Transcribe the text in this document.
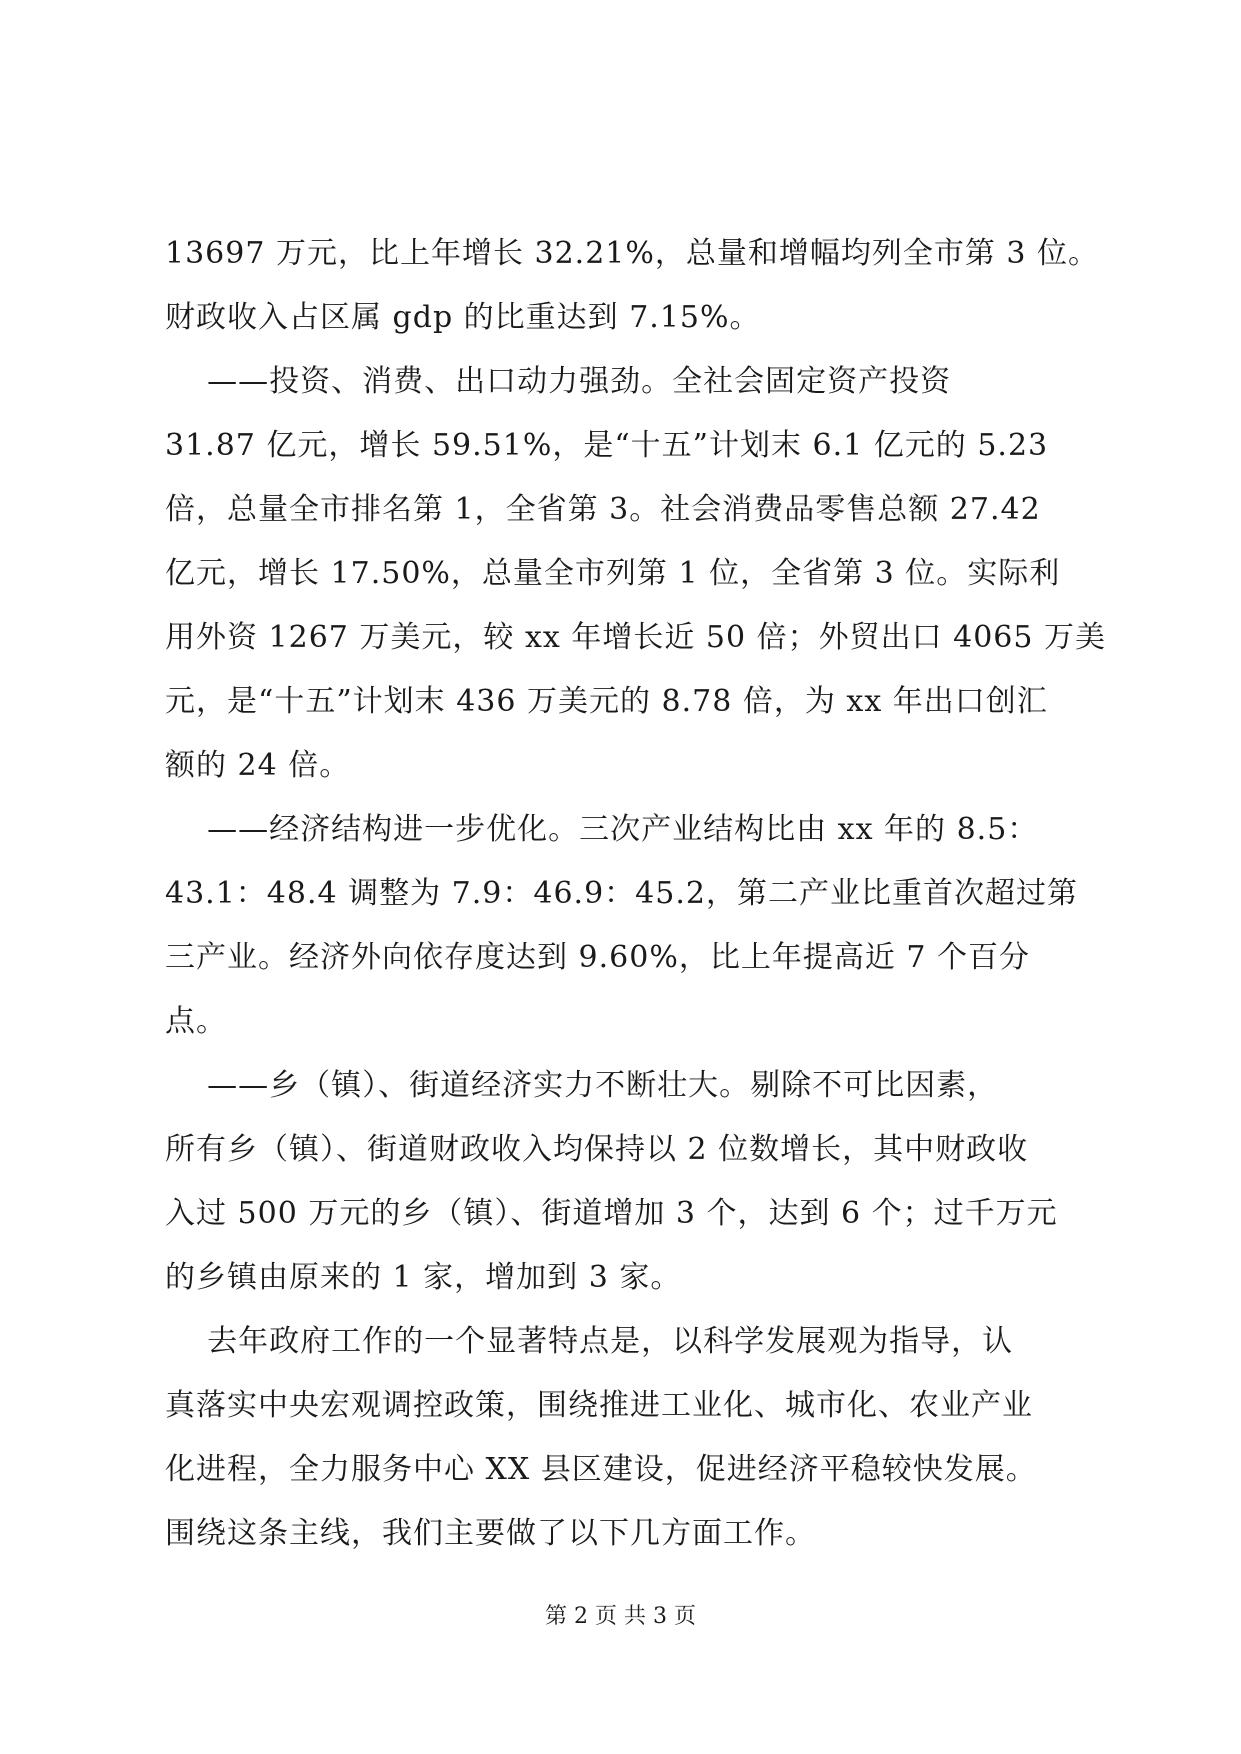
13697 万元，比上年增长 32.21%，总量和增幅均列全市第 3 位。
财政收入占区属 gdp 的比重达到 7.15%。
——投资、消费、出口动力强劲。全社会固定资产投资
31.87 亿元，增长 59.51%，是“十五”计划末 6.1 亿元的 5.23
倍，总量全市排名第 1，全省第 3。社会消费品零售总额 27.42
亿元，增长 17.50%，总量全市列第 1 位，全省第 3 位。实际利
用外资 1267 万美元，较 xx 年增长近 50 倍；外贸出口 4065 万美
元，是“十五”计划末 436 万美元的 8.78 倍，为 xx 年出口创汇
额的 24 倍。
——经济结构进一步优化。三次产业结构比由 xx 年的 8.5：
43.1：48.4 调整为 7.9：46.9：45.2，第二产业比重首次超过第
三产业。经济外向依存度达到 9.60%，比上年提高近 7 个百分
点。
——乡（镇）、街道经济实力不断壮大。剔除不可比因素，
所有乡（镇）、街道财政收入均保持以 2 位数增长，其中财政收
入过 500 万元的乡（镇）、街道增加 3 个，达到 6 个；过千万元
的乡镇由原来的 1 家，增加到 3 家。
去年政府工作的一个显著特点是，以科学发展观为指导，认
真落实中央宏观调控政策，围绕推进工业化、城市化、农业产业
化进程，全力服务中心 XX 县区建设，促进经济平稳较快发展。
围绕这条主线，我们主要做了以下几方面工作。
第 2 页 共 3 页
